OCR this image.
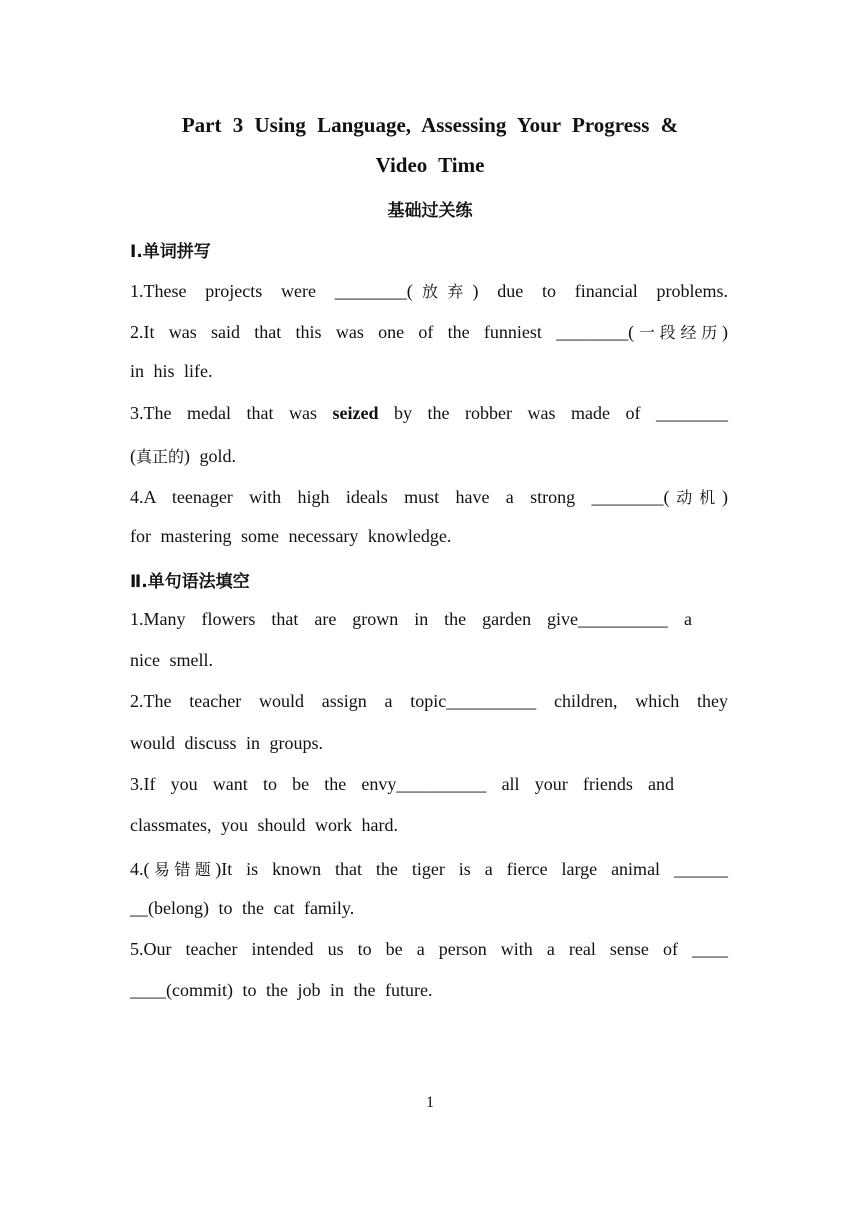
Part 3 Using Language, Assessing Your Progress &
Video Time
基础过关练
Ⅰ.单词拼写
1.These projects were ________(放弃) due to financial problems.
2.It was said that this was one of the funniest ________(一段经历)
in his life.
3.The medal that was seized by the robber was made of ________
(真正的) gold.
4.A teenager with high ideals must have a strong ________(动机)
for mastering some necessary knowledge.
Ⅱ.单句语法填空
1.Many flowers that are grown in the garden give__________ a
nice smell.
2.The teacher would assign a topic__________ children, which they
would discuss in groups.
3.If you want to be the envy__________ all your friends and
classmates, you should work hard.
4.(易错题)It is known that the tiger is a fierce large animal ______
__(belong) to the cat family.
5.Our teacher intended us to be a person with a real sense of ____
____(commit) to the job in the future.
1
